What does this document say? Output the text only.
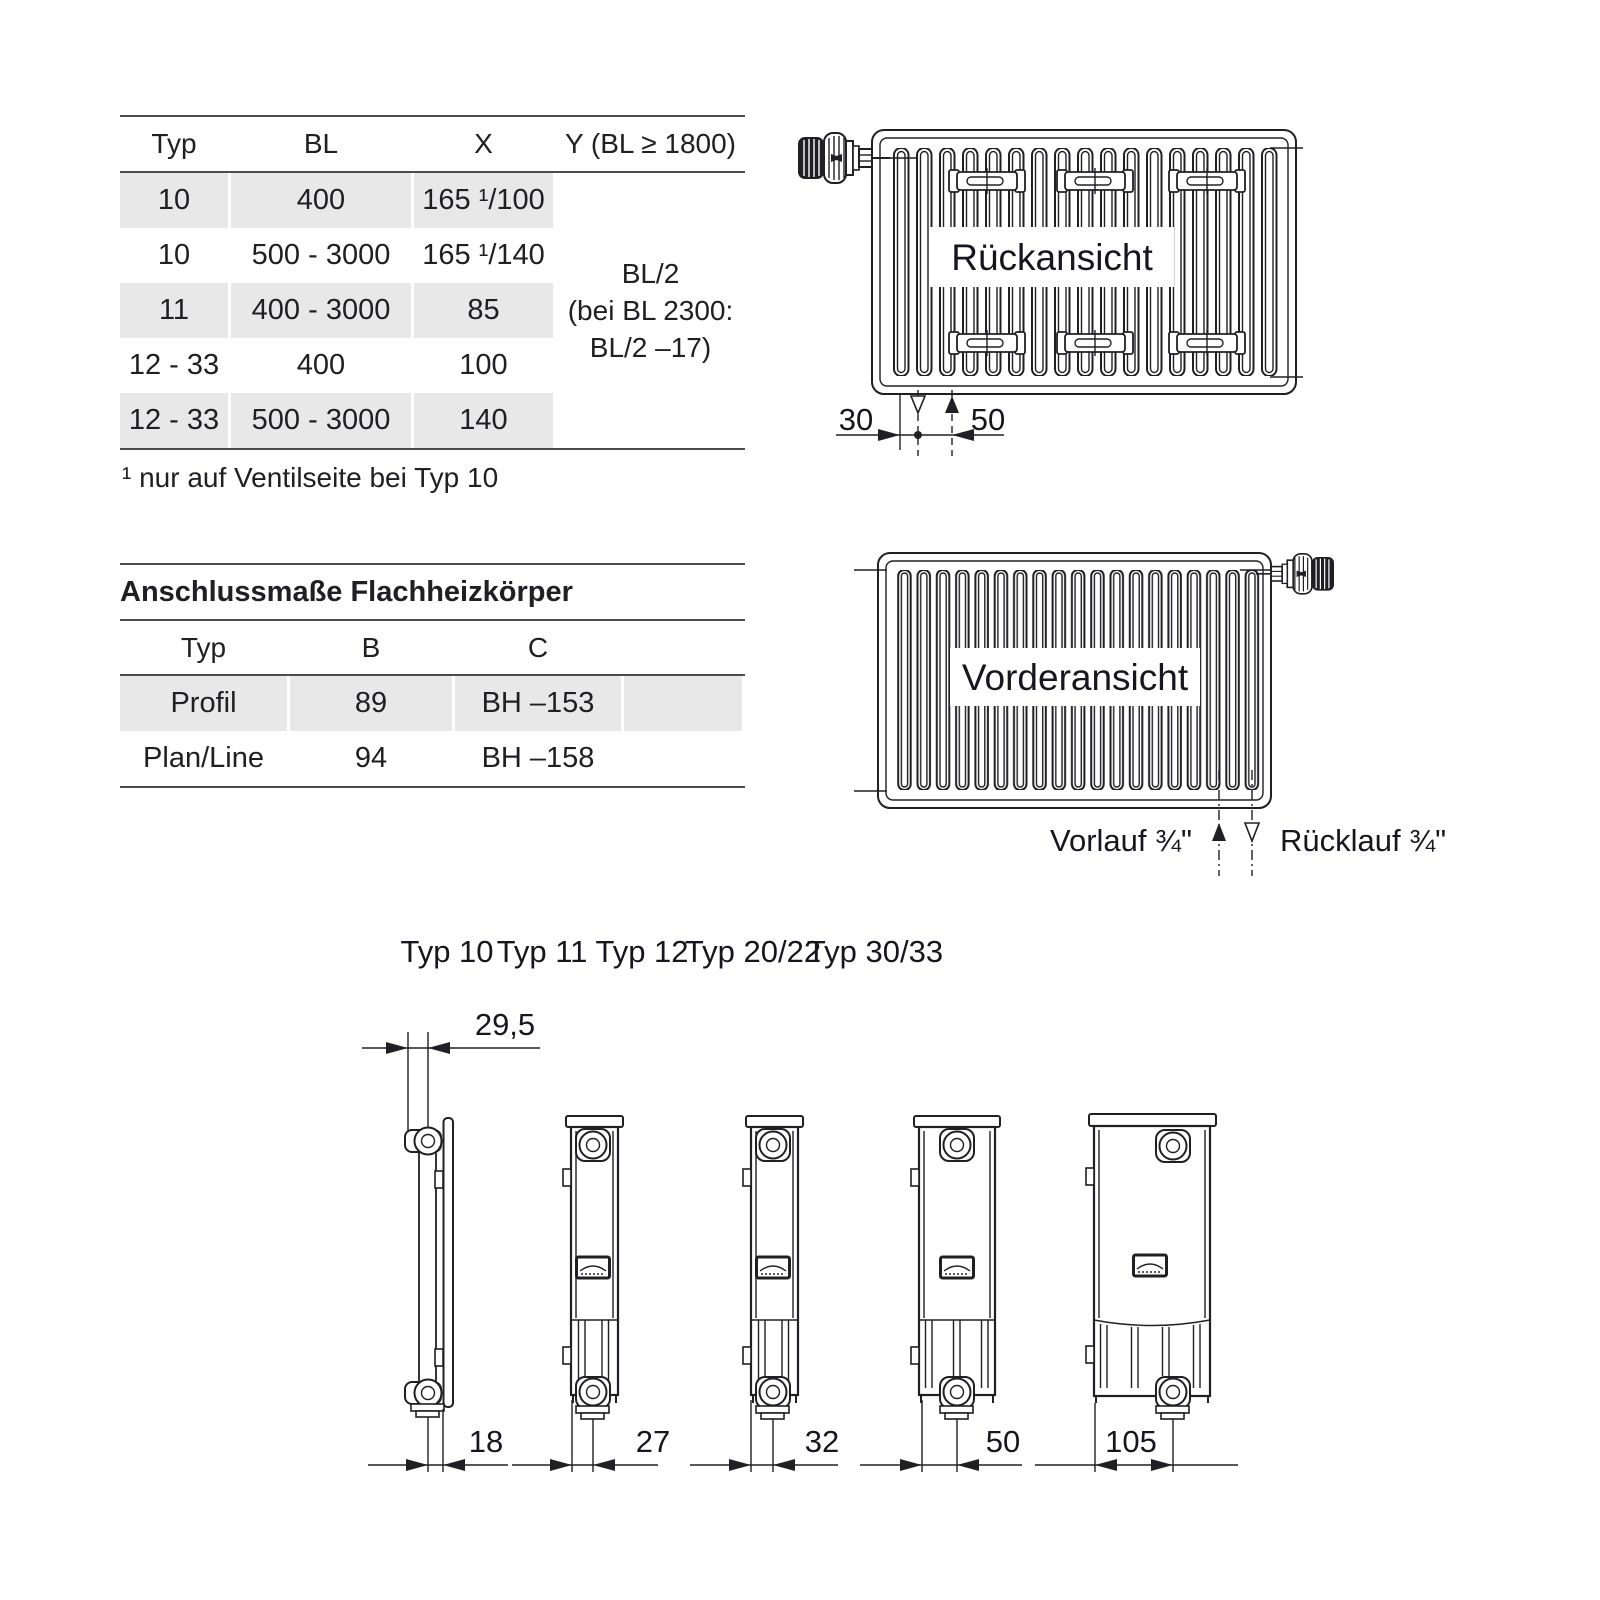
Typ	BL	X	Y (BL ≥ 1800)
10	400	165 ¹/100
10	500 - 3000	165 ¹/140
11	400 - 3000	85
12 - 33	400	100
12 - 33	500 - 3000	140
BL/2
(bei BL 2300:
BL/2 –17)
¹ nur auf Ventilseite bei Typ 10
Anschlussmaße Flachheizkörper
Typ	B	C
Profil	89	BH –153
Plan/Line	94	BH –158
30	50
Rückansicht
Vorlauf ¾"	Rücklauf ¾"
Vorderansicht
Typ 10 Typ 11 Typ 12
Typ 20/22
Typ 30/33
29,5
18	27	32	50	105
